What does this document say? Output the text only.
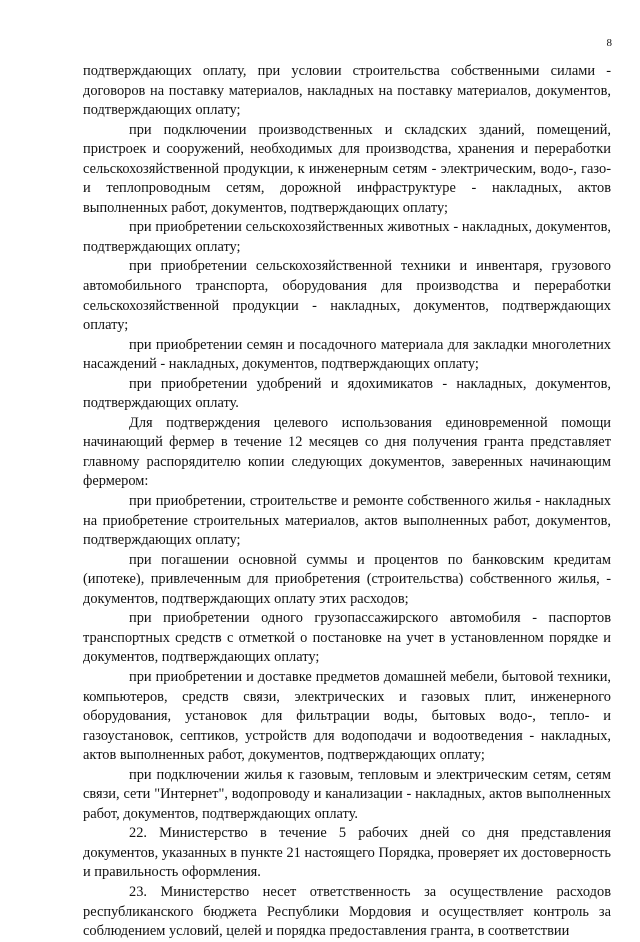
8

подтверждающих оплату, при условии строительства собственными силами - договоров на поставку материалов, накладных на поставку материалов, документов, подтверждающих оплату;

при подключении производственных и складских зданий, помещений, пристроек и сооружений, необходимых для производства, хранения и переработки сельскохозяйственной продукции, к инженерным сетям - электрическим, водо-, газо- и теплопроводным сетям, дорожной инфраструктуре - накладных, актов выполненных работ, документов, подтверждающих оплату;

при приобретении сельскохозяйственных животных - накладных, документов, подтверждающих оплату;

при приобретении сельскохозяйственной техники и инвентаря, грузового автомобильного транспорта, оборудования для производства и переработки сельскохозяйственной продукции - накладных, документов, подтверждающих оплату;

при приобретении семян и посадочного материала для закладки многолетних насаждений - накладных, документов, подтверждающих оплату;

при приобретении удобрений и ядохимикатов - накладных, документов, подтверждающих оплату.

Для подтверждения целевого использования единовременной помощи начинающий фермер в течение 12 месяцев со дня получения гранта представляет главному распорядителю копии следующих документов, заверенных начинающим фермером:

при приобретении, строительстве и ремонте собственного жилья - накладных на приобретение строительных материалов, актов выполненных работ, документов, подтверждающих оплату;

при погашении основной суммы и процентов по банковским кредитам (ипотеке), привлеченным для приобретения (строительства) собственного жилья, - документов, подтверждающих оплату этих расходов;

при приобретении одного грузопассажирского автомобиля - паспортов транспортных средств с отметкой о постановке на учет в установленном порядке и документов, подтверждающих оплату;

при приобретении и доставке предметов домашней мебели, бытовой техники, компьютеров, средств связи, электрических и газовых плит, инженерного оборудования, установок для фильтрации воды, бытовых водо-, тепло- и газоустановок, септиков, устройств для водоподачи и водоотведения - накладных, актов выполненных работ, документов, подтверждающих оплату;

при подключении жилья к газовым, тепловым и электрическим сетям, сетям связи, сети "Интернет", водопроводу и канализации - накладных, актов выполненных работ, документов, подтверждающих оплату.

22. Министерство в течение 5 рабочих дней со дня представления документов, указанных в пункте 21 настоящего Порядка, проверяет их достоверность и правильность оформления.

23. Министерство несет ответственность за осуществление расходов республиканского бюджета Республики Мордовия и осуществляет контроль за соблюдением условий, целей и порядка предоставления гранта, в соответствии
